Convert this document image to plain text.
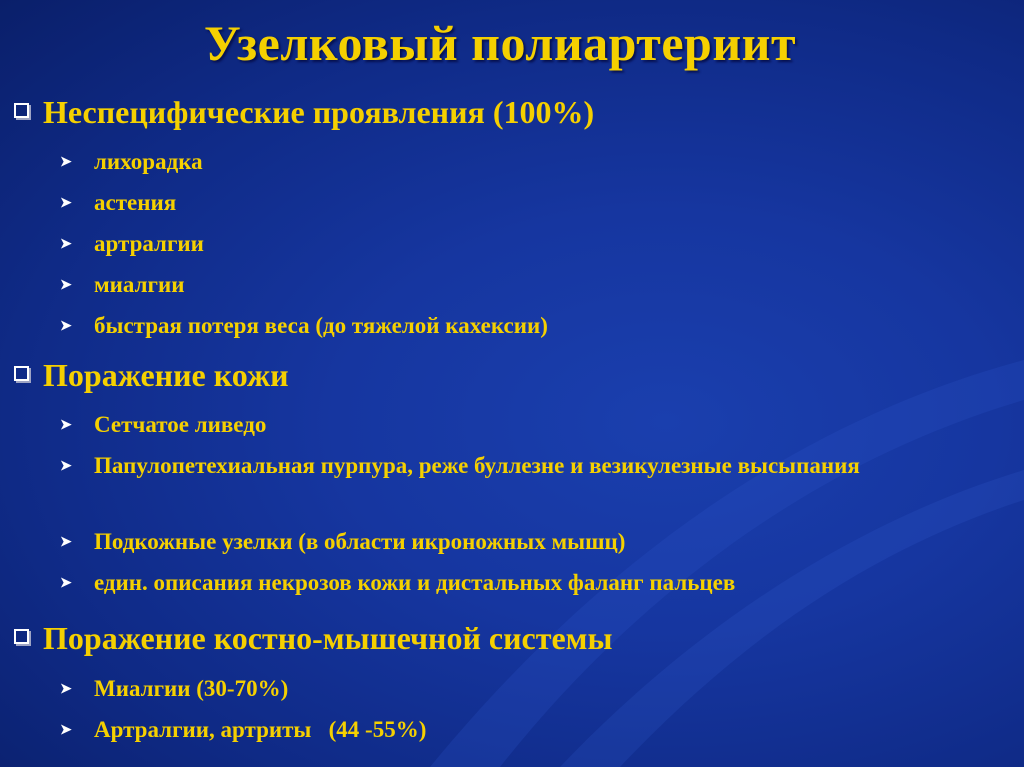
Узелковый полиартериит
Неспецифические проявления (100%)
➤ лихорадка
➤ астения
➤ артралгии
➤ миалгии
➤ быстрая потеря веса (до тяжелой кахексии)
Поражение кожи
➤ Сетчатое ливедо
➤ Папулопетехиальная пурпура, реже буллезне и везикулезные высыпания
➤ Подкожные узелки (в области икроножных мышц)
➤ един. описания некрозов кожи и дистальных фаланг пальцев
Поражение костно-мышечной системы
➤ Миалгии (30-70%)
➤ Артралгии, артриты   (44 -55%)
